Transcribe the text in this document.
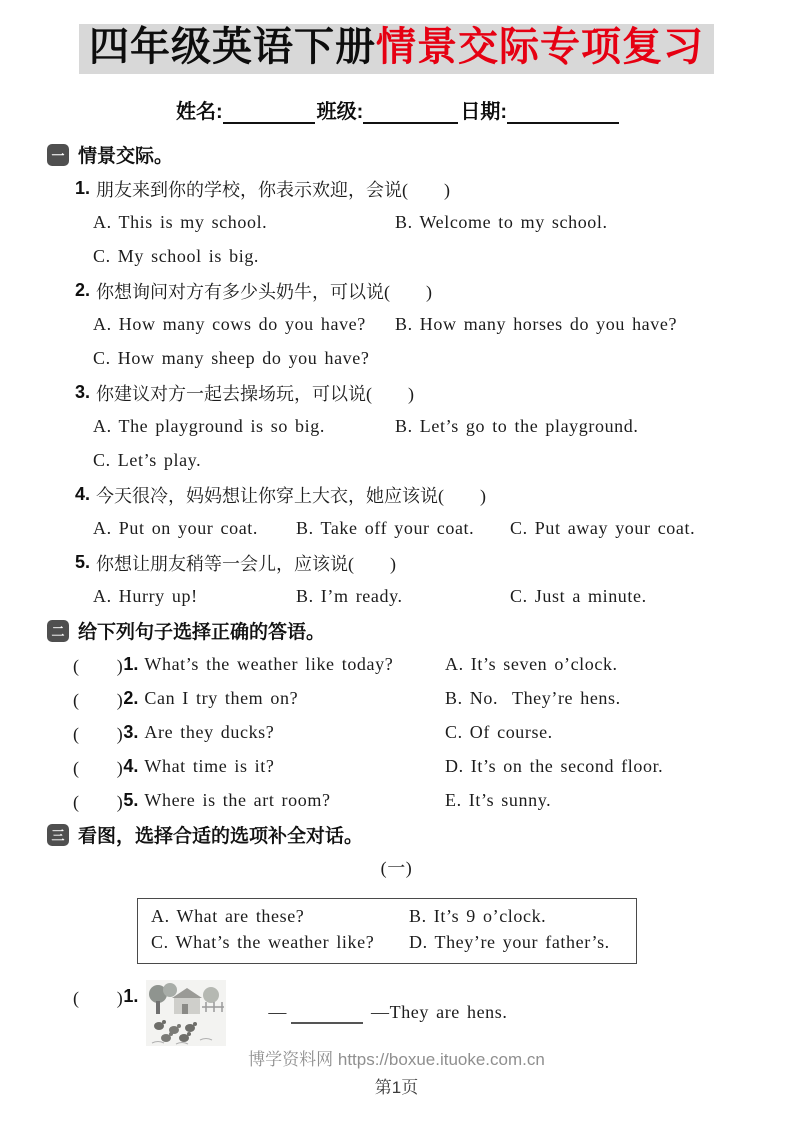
四年级英语下册情景交际专项复习
姓名:	班级:	日期:
一 情景交际。
1. 朋友来到你的学校，你表示欢迎，会说(　　)
A. This is my school.	B. Welcome to my school.
C. My school is big.
2. 你想询问对方有多少头奶牛，可以说(　　)
A. How many cows do you have?	B. How many horses do you have?
C. How many sheep do you have?
3. 你建议对方一起去操场玩，可以说(　　)
A. The playground is so big.	B. Let’s go to the playground.
C. Let’s play.
4. 今天很冷，妈妈想让你穿上大衣，她应该说(　　)
A. Put on your coat.	B. Take off your coat.	C. Put away your coat.
5. 你想让朋友稍等一会儿，应该说(　　)
A. Hurry up!	B. I’m ready.	C. Just a minute.
二 给下列句子选择正确的答语。
(　　) 1. What’s the weather like today?	A. It’s seven o’clock.
(　　) 2. Can I try them on?	B. No.  They’re hens.
(　　) 3. Are they ducks?	C. Of course.
(　　) 4. What time is it?	D. It’s on the second floor.
(　　) 5. Where is the art room?	E. It’s sunny.
三 看图，选择合适的选项补全对话。
(一)
A. What are these?	B. It’s 9 o’clock.
C. What’s the weather like?	D. They’re your father’s.
(　　) 1.
—	—They are hens.
博学资料网 https://boxue.ituoke.com.cn
第1页
